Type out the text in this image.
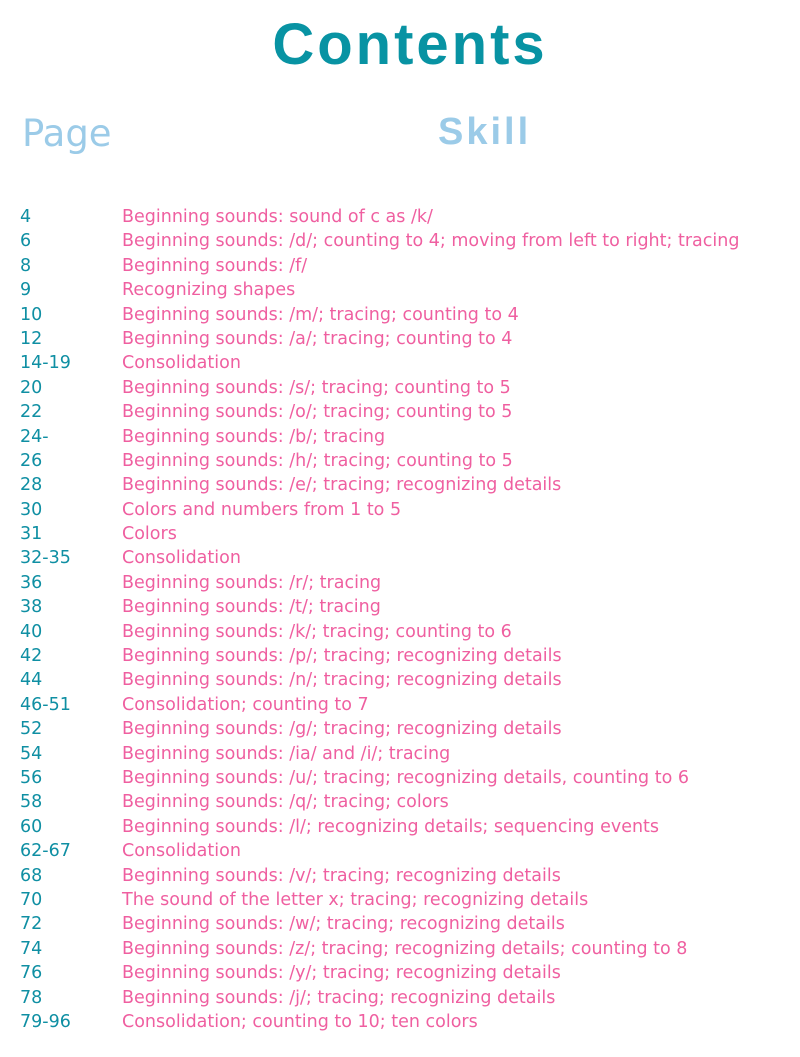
Contents
Page	Skill
4	Beginning sounds: sound of c as /k/
6	Beginning sounds: /d/; counting to 4; moving from left to right; tracing
8	Beginning sounds: /f/
9	Recognizing shapes
10	Beginning sounds: /m/; tracing; counting to 4
12	Beginning sounds: /a/; tracing; counting to 4
14-19	Consolidation
20	Beginning sounds: /s/; tracing; counting to 5
22	Beginning sounds: /o/; tracing; counting to 5
24-	Beginning sounds: /b/; tracing
26	Beginning sounds: /h/; tracing; counting to 5
28	Beginning sounds: /e/; tracing; recognizing details
30	Colors and numbers from 1 to 5
31	Colors
32-35	Consolidation
36	Beginning sounds: /r/; tracing
38	Beginning sounds: /t/; tracing
40	Beginning sounds: /k/; tracing; counting to 6
42	Beginning sounds: /p/; tracing; recognizing details
44	Beginning sounds: /n/; tracing; recognizing details
46-51	Consolidation; counting to 7
52	Beginning sounds: /g/; tracing; recognizing details
54	Beginning sounds: /ia/ and /i/; tracing
56	Beginning sounds: /u/; tracing; recognizing details, counting to 6
58	Beginning sounds: /q/; tracing; colors
60	Beginning sounds: /l/; recognizing details; sequencing events
62-67	Consolidation
68	Beginning sounds: /v/; tracing; recognizing details
70	The sound of the letter x; tracing; recognizing details
72	Beginning sounds: /w/; tracing; recognizing details
74	Beginning sounds: /z/; tracing; recognizing details; counting to 8
76	Beginning sounds: /y/; tracing; recognizing details
78	Beginning sounds: /j/; tracing; recognizing details
79-96	Consolidation; counting to 10; ten colors
